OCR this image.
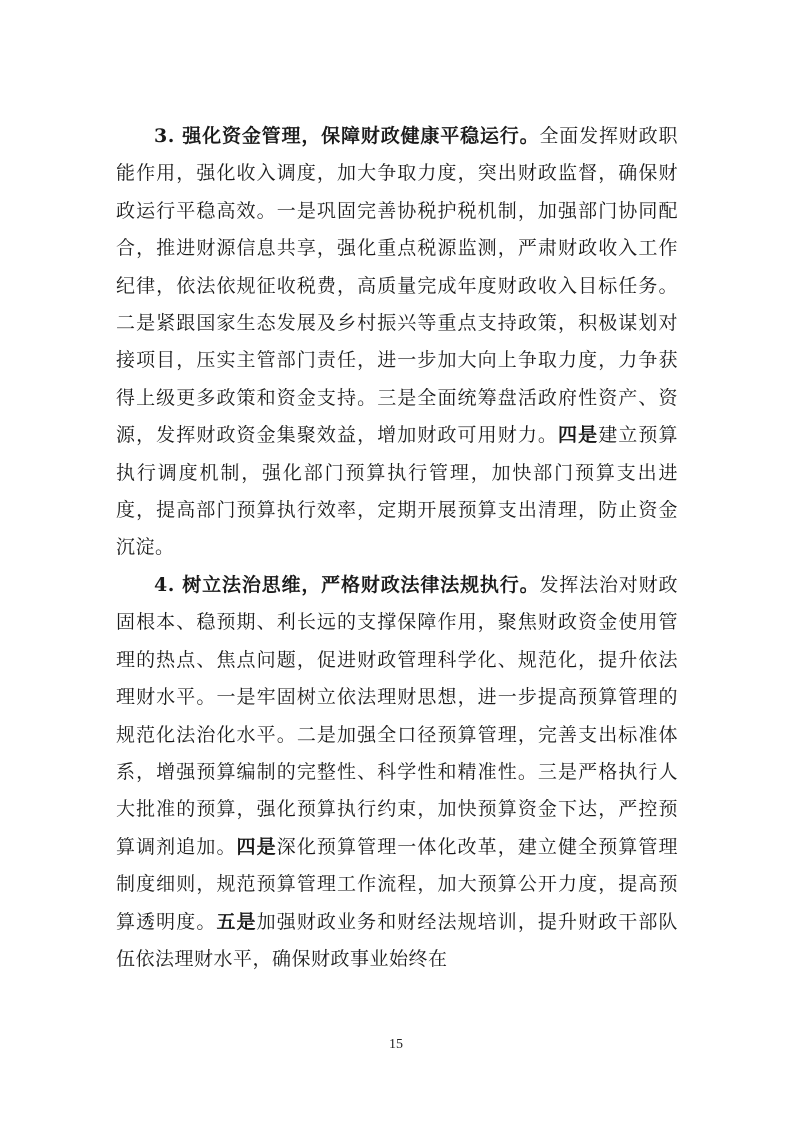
3. 强化资金管理，保障财政健康平稳运行。全面发挥财政职能作用，强化收入调度，加大争取力度，突出财政监督，确保财政运行平稳高效。一是巩固完善协税护税机制，加强部门协同配合，推进财源信息共享，强化重点税源监测，严肃财政收入工作纪律，依法依规征收税费，高质量完成年度财政收入目标任务。二是紧跟国家生态发展及乡村振兴等重点支持政策，积极谋划对接项目，压实主管部门责任，进一步加大向上争取力度，力争获得上级更多政策和资金支持。三是全面统筹盘活政府性资产、资源，发挥财政资金集聚效益，增加财政可用财力。四是建立预算执行调度机制，强化部门预算执行管理，加快部门预算支出进度，提高部门预算执行效率，定期开展预算支出清理，防止资金沉淀。

4. 树立法治思维，严格财政法律法规执行。发挥法治对财政固根本、稳预期、利长远的支撑保障作用，聚焦财政资金使用管理的热点、焦点问题，促进财政管理科学化、规范化，提升依法理财水平。一是牢固树立依法理财思想，进一步提高预算管理的规范化法治化水平。二是加强全口径预算管理，完善支出标准体系，增强预算编制的完整性、科学性和精准性。三是严格执行人大批准的预算，强化预算执行约束，加快预算资金下达，严控预算调剂追加。四是深化预算管理一体化改革，建立健全预算管理制度细则，规范预算管理工作流程，加大预算公开力度，提高预算透明度。五是加强财政业务和财经法规培训，提升财政干部队伍依法理财水平，确保财政事业始终在

15
